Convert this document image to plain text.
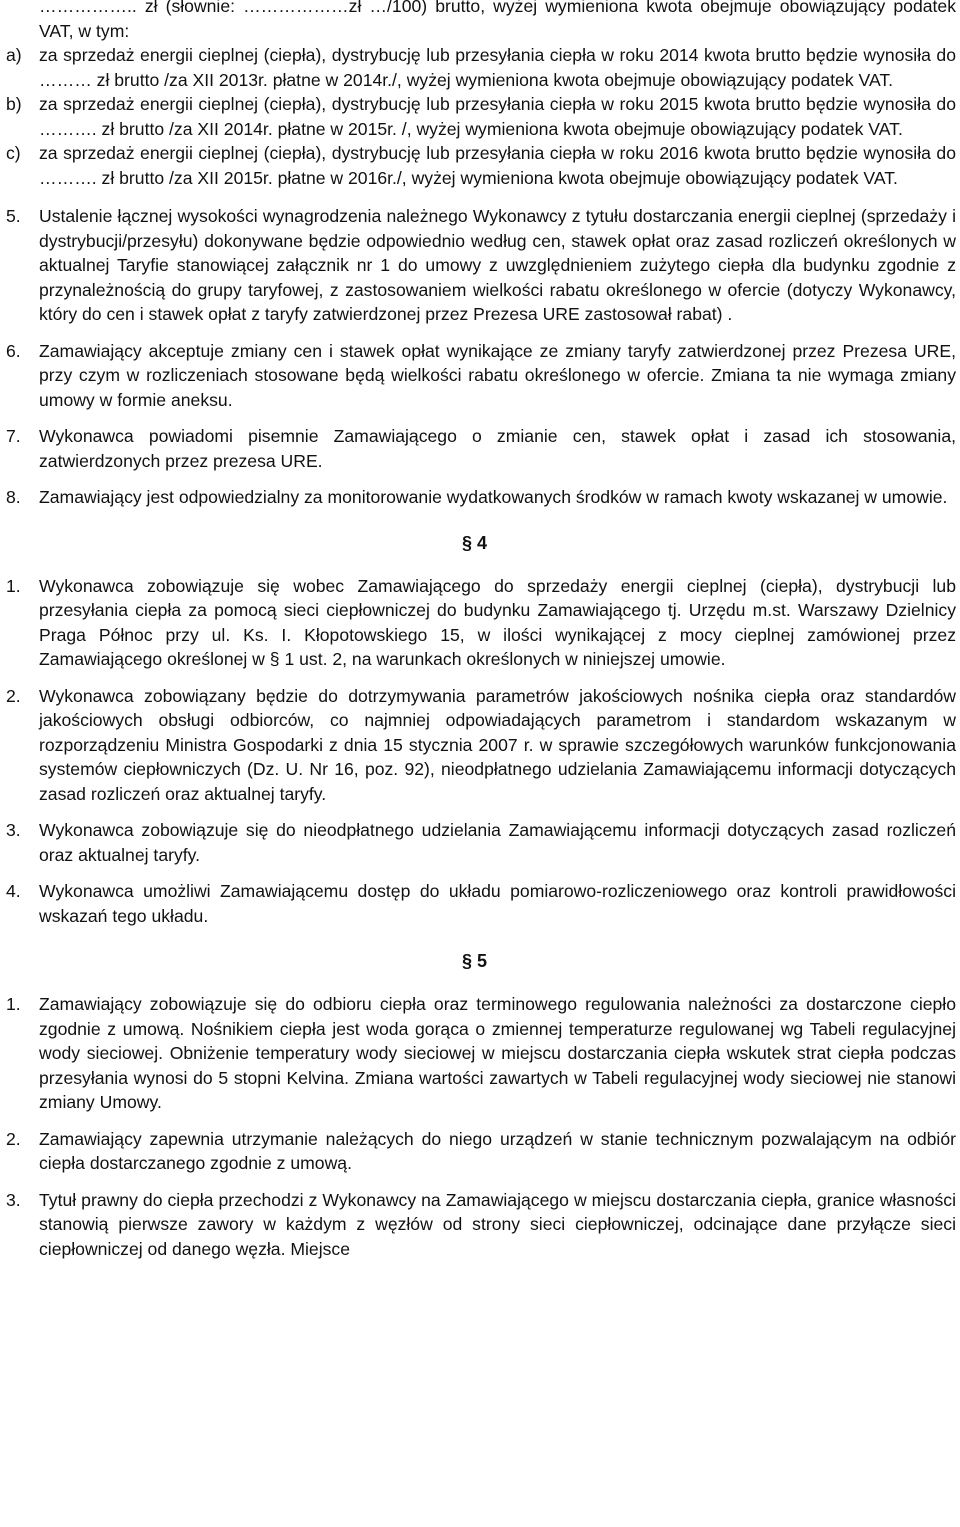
…………….. zł (słownie: ………………zł …/100) brutto, wyżej wymieniona kwota obejmuje obowiązujący podatek VAT, w tym:

a) za sprzedaż energii cieplnej (ciepła), dystrybucję lub przesyłania ciepła w roku 2014 kwota brutto będzie wynosiła do ……… zł brutto /za XII 2013r. płatne w 2014r./, wyżej wymieniona kwota obejmuje obowiązujący podatek VAT.
b) za sprzedaż energii cieplnej (ciepła), dystrybucję lub przesyłania ciepła w roku 2015 kwota brutto będzie wynosiła do ………. zł brutto /za XII 2014r. płatne w 2015r. /, wyżej wymieniona kwota obejmuje obowiązujący podatek VAT.
c) za sprzedaż energii cieplnej (ciepła), dystrybucję lub przesyłania ciepła w roku 2016 kwota brutto będzie wynosiła do ………. zł brutto /za XII 2015r. płatne w 2016r./, wyżej wymieniona kwota obejmuje obowiązujący podatek VAT.
5. Ustalenie łącznej wysokości wynagrodzenia należnego Wykonawcy z tytułu dostarczania energii cieplnej (sprzedaży i dystrybucji/przesyłu) dokonywane będzie odpowiednio według cen, stawek opłat oraz zasad rozliczeń określonych w aktualnej Taryfie stanowiącej załącznik nr 1 do umowy z uwzględnieniem zużytego ciepła dla budynku zgodnie z przynależnością do grupy taryfowej, z zastosowaniem wielkości rabatu określonego w ofercie (dotyczy Wykonawcy, który do cen i stawek opłat z taryfy zatwierdzonej przez Prezesa URE zastosował rabat) .
6. Zamawiający akceptuje zmiany cen i stawek opłat wynikające ze zmiany taryfy zatwierdzonej przez Prezesa URE, przy czym w rozliczeniach stosowane będą wielkości rabatu określonego w ofercie. Zmiana ta nie wymaga zmiany umowy w formie aneksu.
7. Wykonawca powiadomi pisemnie Zamawiającego o zmianie cen, stawek opłat i zasad ich stosowania, zatwierdzonych przez prezesa URE.
8. Zamawiający jest odpowiedzialny za monitorowanie wydatkowanych środków w ramach kwoty wskazanej w umowie.

§ 4

1. Wykonawca zobowiązuje się wobec Zamawiającego do sprzedaży energii cieplnej (ciepła), dystrybucji lub przesyłania ciepła za pomocą sieci ciepłowniczej do budynku Zamawiającego tj. Urzędu m.st. Warszawy Dzielnicy Praga Północ przy ul. Ks. I. Kłopotowskiego 15, w ilości wynikającej z mocy cieplnej zamówionej przez Zamawiającego określonej w § 1 ust. 2, na warunkach określonych w niniejszej umowie.
2. Wykonawca zobowiązany będzie do dotrzymywania parametrów jakościowych nośnika ciepła oraz standardów jakościowych obsługi odbiorców, co najmniej odpowiadających parametrom i standardom wskazanym w rozporządzeniu Ministra Gospodarki z dnia 15 stycznia 2007 r. w sprawie szczegółowych warunków funkcjonowania systemów ciepłowniczych (Dz. U. Nr 16, poz. 92), nieodpłatnego udzielania Zamawiającemu informacji dotyczących zasad rozliczeń oraz aktualnej taryfy.
3. Wykonawca zobowiązuje się do nieodpłatnego udzielania Zamawiającemu informacji dotyczących zasad rozliczeń oraz aktualnej taryfy.
4. Wykonawca umożliwi Zamawiającemu dostęp do układu pomiarowo-rozliczeniowego oraz kontroli prawidłowości wskazań tego układu.

§ 5

1. Zamawiający zobowiązuje się do odbioru ciepła oraz terminowego regulowania należności za dostarczone ciepło zgodnie z umową. Nośnikiem ciepła jest woda gorąca o zmiennej temperaturze regulowanej wg Tabeli regulacyjnej wody sieciowej. Obniżenie temperatury wody sieciowej w miejscu dostarczania ciepła wskutek strat ciepła podczas przesyłania wynosi do 5 stopni Kelvina. Zmiana wartości zawartych w Tabeli regulacyjnej wody sieciowej nie stanowi zmiany Umowy.
2. Zamawiający zapewnia utrzymanie należących do niego urządzeń w stanie technicznym pozwalającym na odbiór ciepła dostarczanego zgodnie z umową.
3. Tytuł prawny do ciepła przechodzi z Wykonawcy na Zamawiającego w miejscu dostarczania ciepła, granice własności stanowią pierwsze zawory w każdym z węzłów od strony sieci ciepłowniczej, odcinające dane przyłącze sieci ciepłowniczej od danego węzła. Miejsce
